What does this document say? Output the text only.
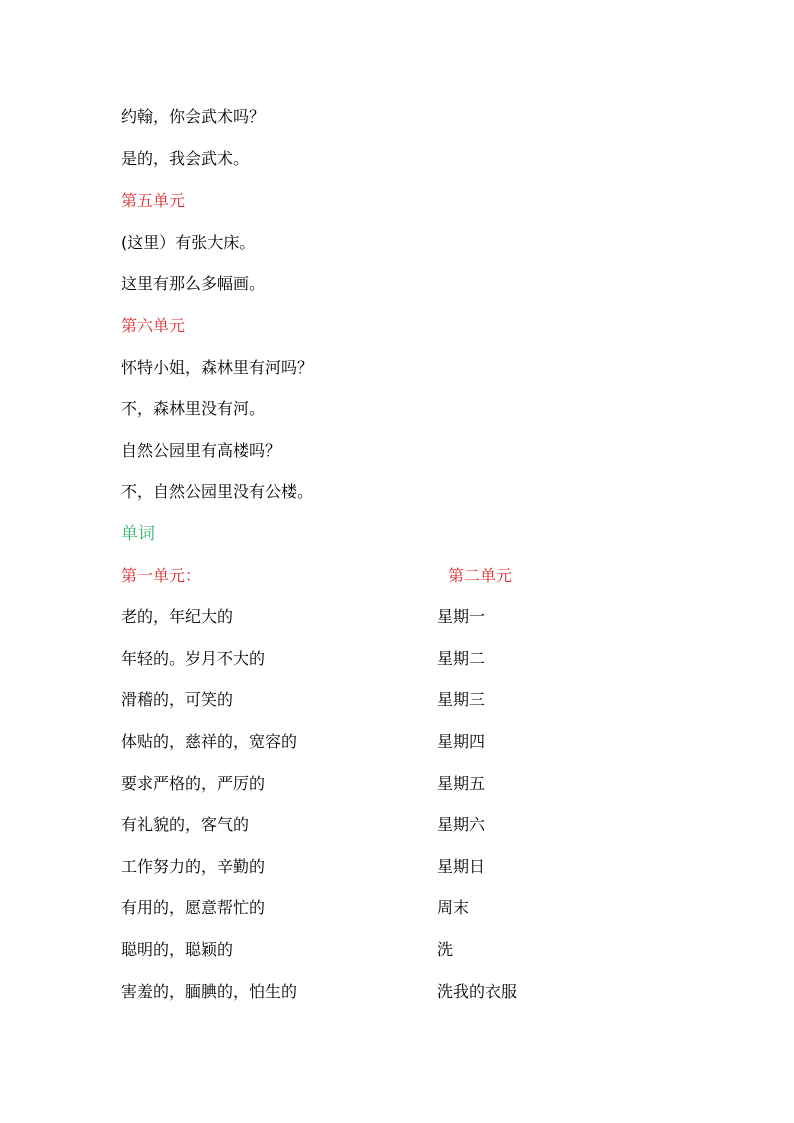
约翰，你会武术吗？
是的，我会武术。
第五单元
(这里）有张大床。
这里有那么多幅画。
第六单元
怀特小姐，森林里有河吗？
不，森林里没有河。
自然公园里有高楼吗？
不，自然公园里没有公楼。
单词
第一单元：	第二单元
老的，年纪大的	星期一
年轻的。岁月不大的	星期二
滑稽的，可笑的	星期三
体贴的，慈祥的，宽容的	星期四
要求严格的，严厉的	星期五
有礼貌的，客气的	星期六
工作努力的，辛勤的	星期日
有用的，愿意帮忙的	周末
聪明的，聪颖的	洗
害羞的，腼腆的，怕生的	洗我的衣服
